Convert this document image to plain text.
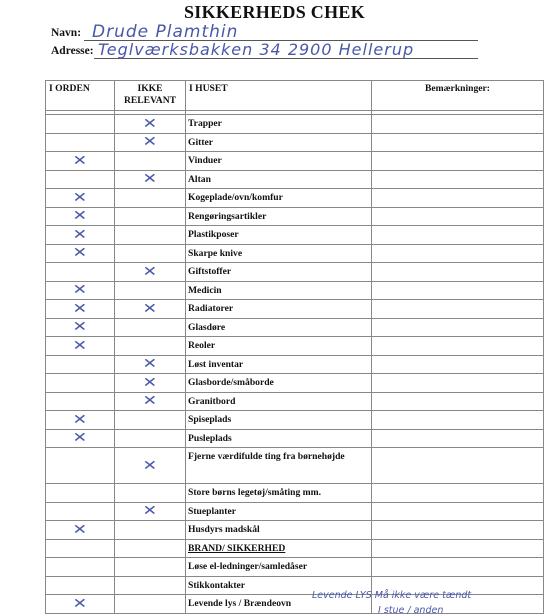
SIKKERHEDS CHEK
Navn: Drude Plamthin
Adresse: Teglværksbakken 34 2900 Hellerup
I ORDEN	IKKE RELEVANT	I HUSET	Bemærkninger:

	✕	Trapper	
	✕	Gitter	
✕		Vinduer	
	✕	Altan	
✕		Kogeplade/ovn/komfur	
✕		Rengøringsartikler	
✕		Plastikposer	
✕		Skarpe knive	
	✕	Giftstoffer	
✕		Medicin	
✕	✕	Radiatorer	
✕		Glasdøre	
✕		Reoler	
	✕	Løst inventar	
	✕	Glasborde/småborde	
	✕	Granitbord	
✕		Spiseplads	
✕		Pusleplads	
	✕	Fjerne værdifulde ting fra børnehøjde	
		Store børns legetøj/småting mm.	
	✕	Stueplanter	
✕		Husdyrs madskål	
		BRAND/ SIKKERHED	
		Løse el-ledninger/samledåser	
		Stikkontakter	
✕		Levende lys / Brændeovn	
Levende LYS Må ikke være tændt
I stue / anden
